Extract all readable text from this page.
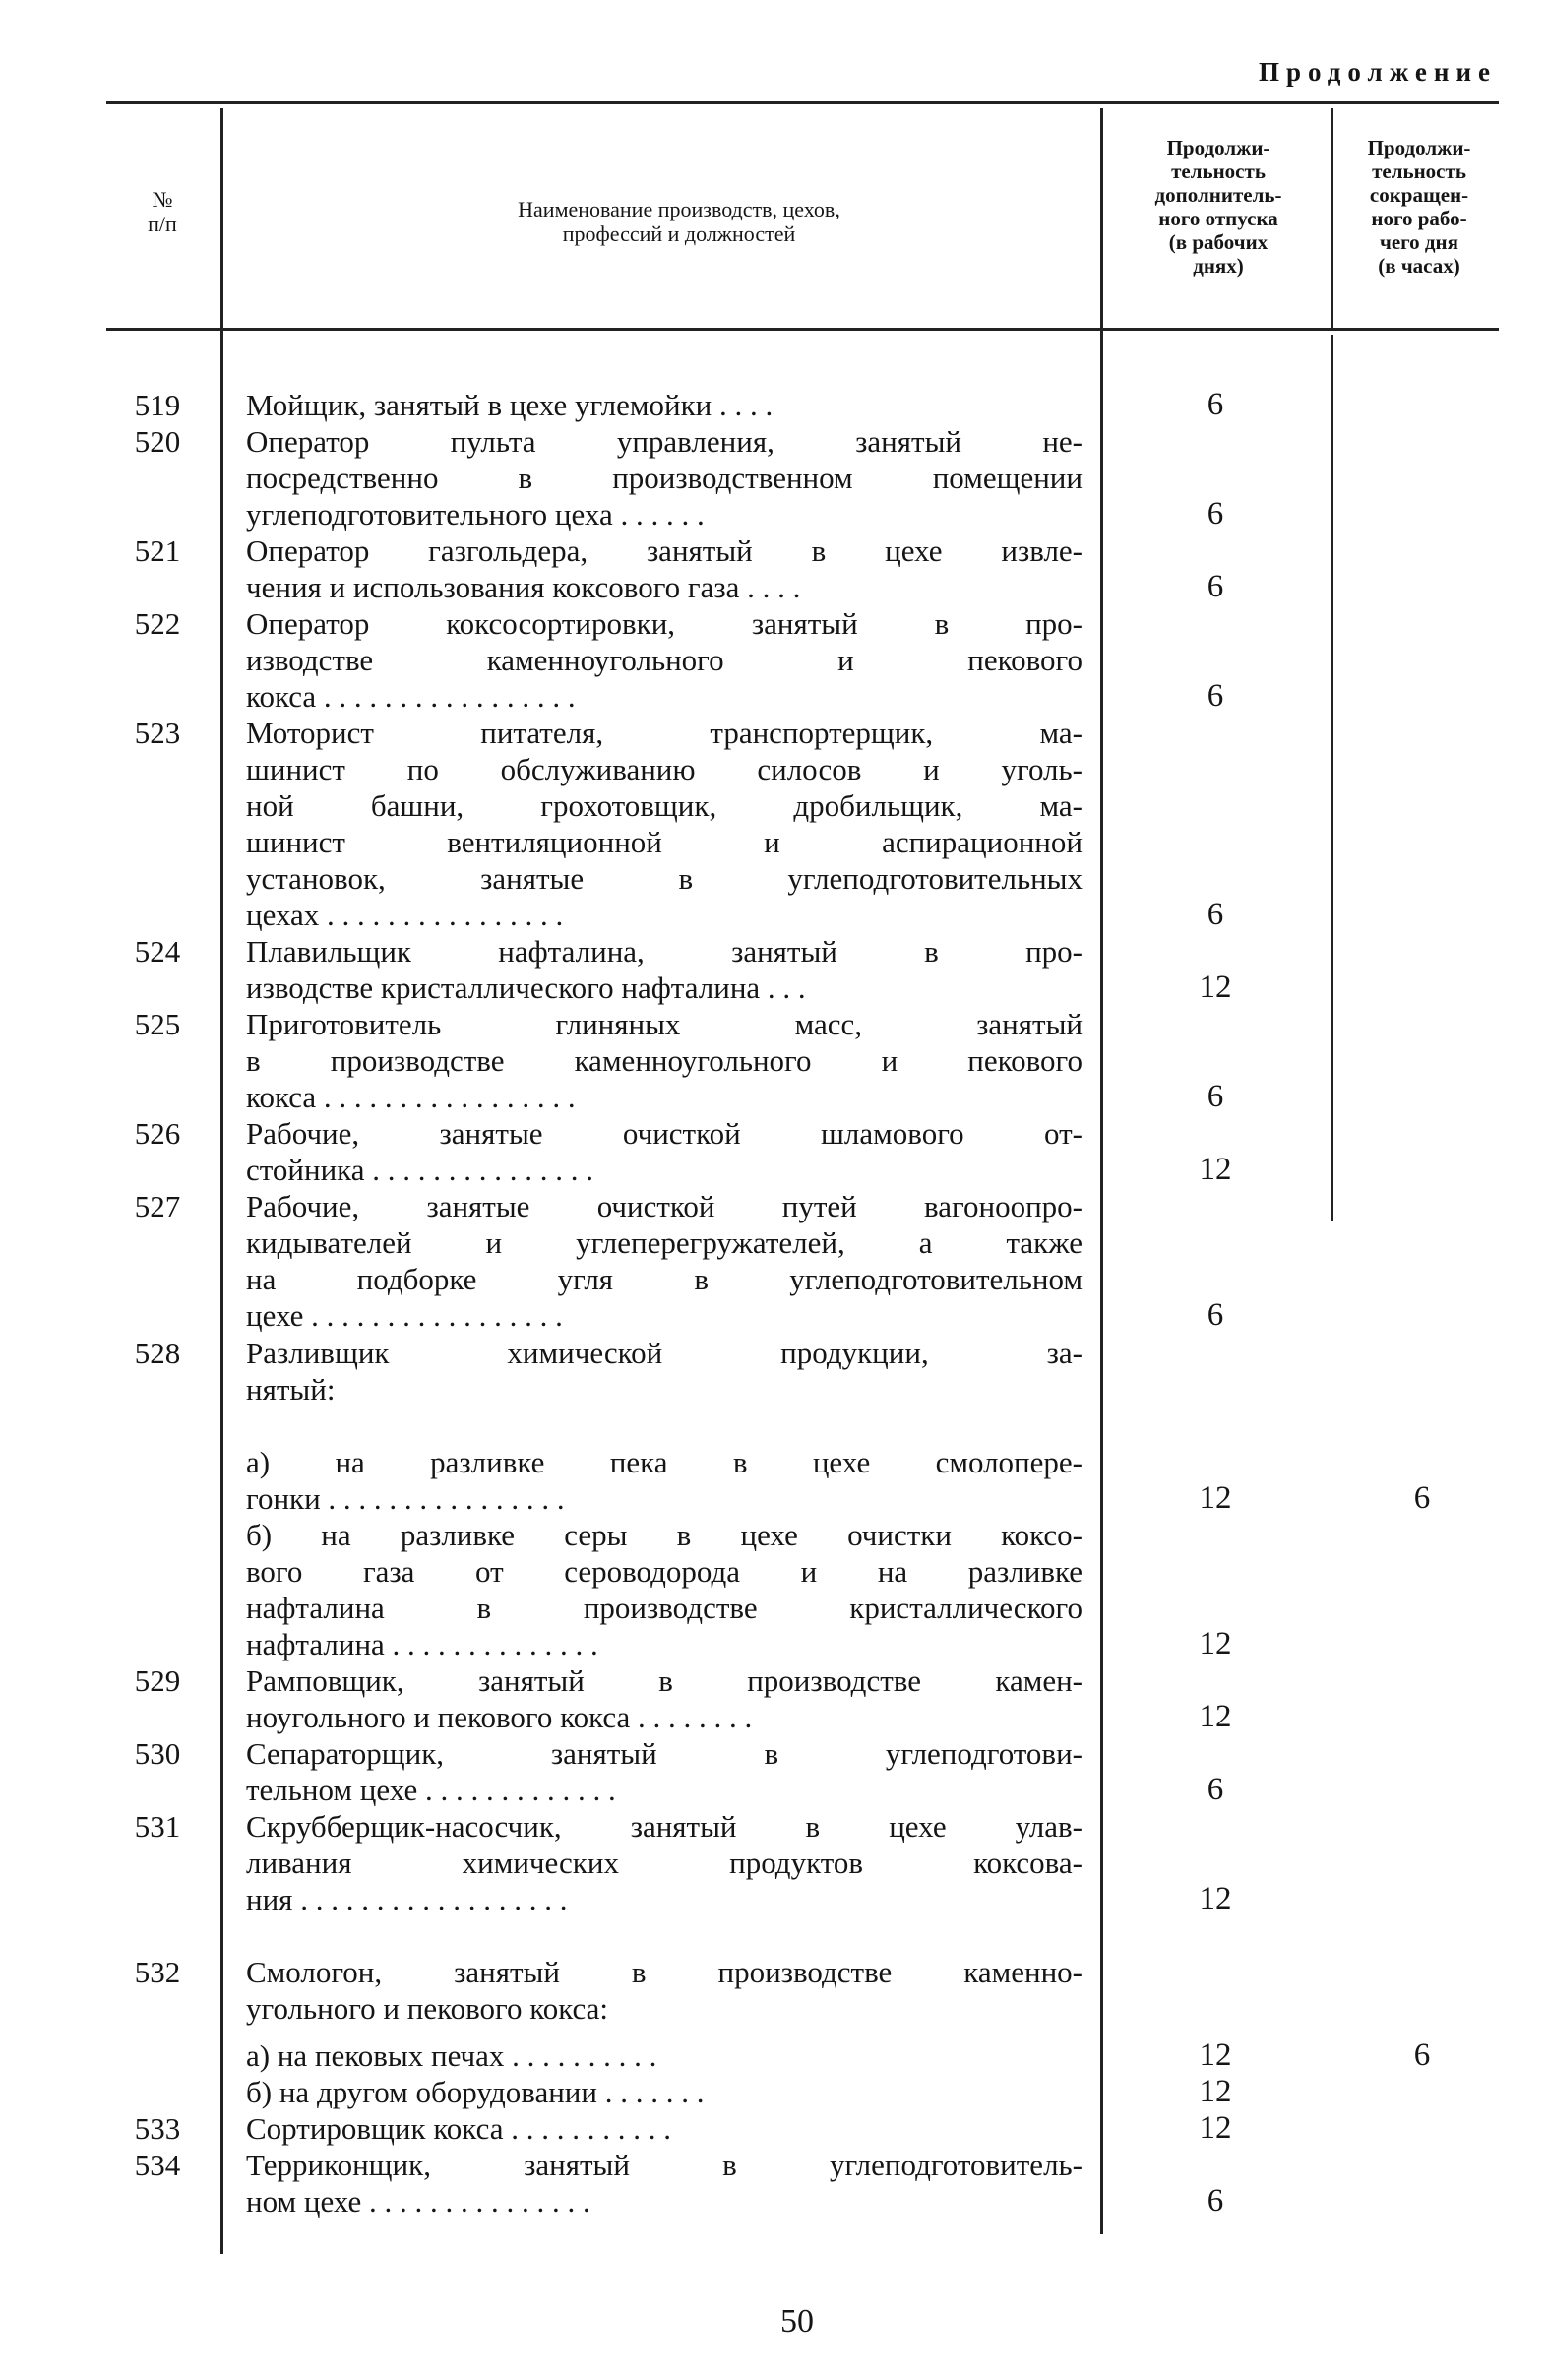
Продолжение
№
п/п
Наименование производств, цехов,
профессий и должностей
Продолжи-
тельность
дополнитель-
ного отпуска
(в рабочих
днях)
Продолжи-
тельность
сокращен-
ного рабо-
чего дня
(в часах)
519	Мойщик, занятый в цехе углемойки . . . .	6
520	Оператор пульта управления, занятый не-
посредственно в производственном помещении
углеподготовительного цеха . . . . . .	6
521	Оператор газгольдера, занятый в цехе извле-
чения и использования коксового газа . . . .	6
522	Оператор коксосортировки, занятый в про-
изводстве каменноугольного и пекового
кокса . . . . . . . . . . . . . . . . .	6
523	Моторист питателя, транспортерщик, ма-
шинист по обслуживанию силосов и уголь-
ной башни, грохотовщик, дробильщик, ма-
шинист вентиляционной и аспирационной
установок, занятые в углеподготовительных
цехах . . . . . . . . . . . . . . . .	6
524	Плавильщик нафталина, занятый в про-
изводстве кристаллического нафталина . . .	12
525	Приготовитель глиняных масс, занятый
в производстве каменноугольного и пекового
кокса . . . . . . . . . . . . . . . . .	6
526	Рабочие, занятые очисткой шламового от-
стойника . . . . . . . . . . . . . . .	12
527	Рабочие, занятые очисткой путей вагоноопро-
кидывателей и углеперегружателей, а также
на подборке угля в углеподготовительном
цехе . . . . . . . . . . . . . . . . .	6
528	Разливщик химической продукции, за-
нятый:
а) на разливке пека в цехе смолопере-
гонки . . . . . . . . . . . . . . . .	12	6
б) на разливке серы в цехе очистки коксо-
вого газа от сероводорода и на разливке
нафталина в производстве кристаллического
нафталина . . . . . . . . . . . . . .	12
529	Рамповщик, занятый в производстве камен-
ноугольного и пекового кокса . . . . . . . .	12
530	Сепараторщик, занятый в углеподготови-
тельном цехе . . . . . . . . . . . . .	6
531	Скрубберщик-насосчик, занятый в цехе улав-
ливания химических продуктов коксова-
ния . . . . . . . . . . . . . . . . . .	12
532	Смологон, занятый в производстве каменно-
угольного и пекового кокса:
а) на пековых печах . . . . . . . . . .	12	6
б) на другом оборудовании . . . . . . .	12
533	Сортировщик кокса . . . . . . . . . . .	12
534	Терриконщик, занятый в углеподготовитель-
ном цехе . . . . . . . . . . . . . . .	6
50
